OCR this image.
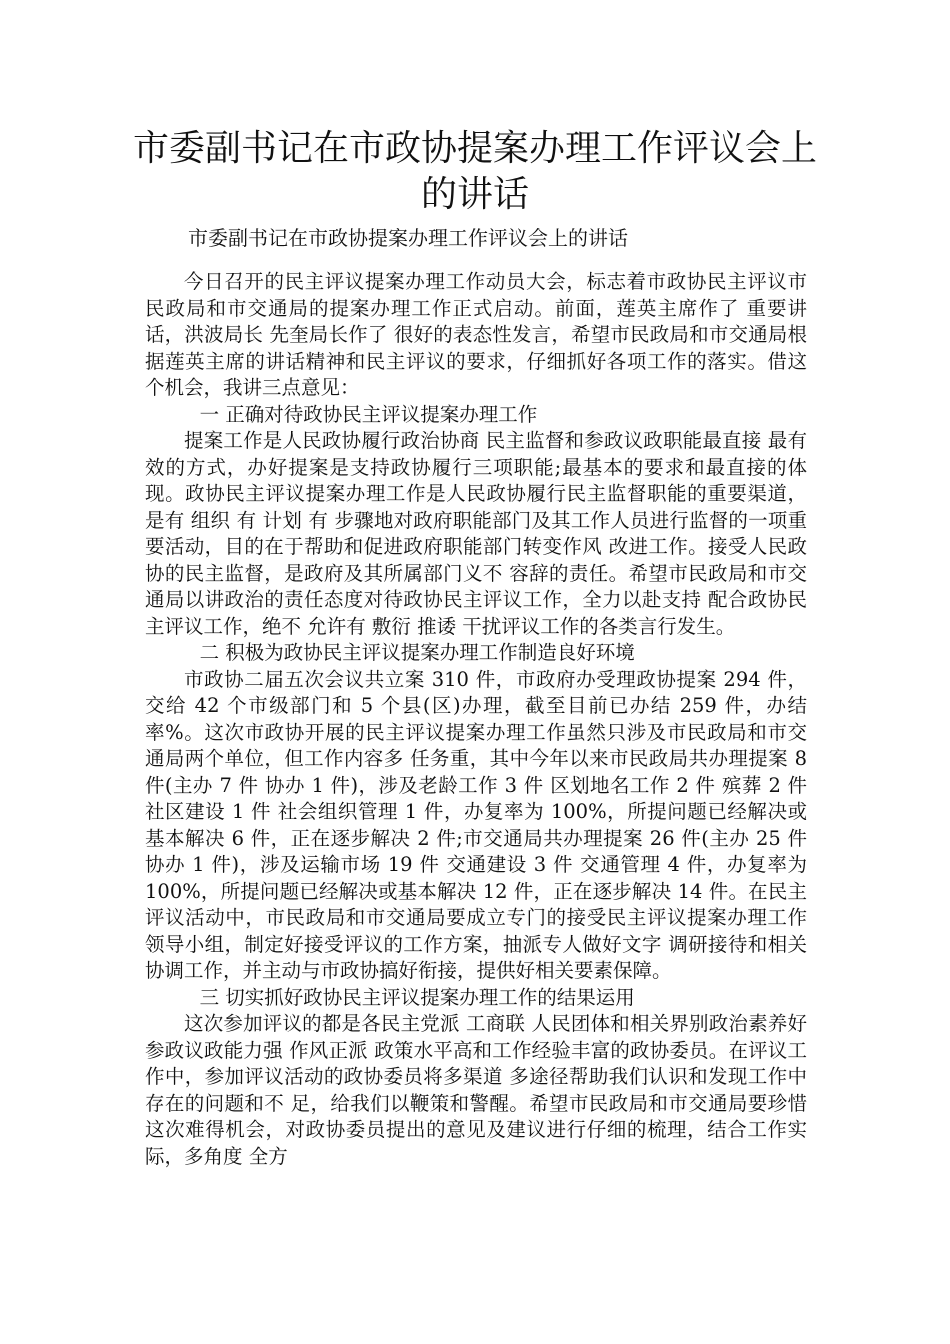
市委副书记在市政协提案办理工作评议会上的讲话

市委副书记在市政协提案办理工作评议会上的讲话

今日召开的民主评议提案办理工作动员大会，标志着市政协民主评议市民政局和市交通局的提案办理工作正式启动。前面，莲英主席作了 重要讲话，洪波局长 先奎局长作了 很好的表态性发言，希望市民政局和市交通局根据莲英主席的讲话精神和民主评议的要求，仔细抓好各项工作的落实。借这个机会，我讲三点意见：

一 正确对待政协民主评议提案办理工作

提案工作是人民政协履行政治协商 民主监督和参政议政职能最直接 最有 效的方式，办好提案是支持政协履行三项职能;最基本的要求和最直接的体现。政协民主评议提案办理工作是人民政协履行民主监督职能的重要渠道，是有 组织 有 计划 有 步骤地对政府职能部门及其工作人员进行监督的一项重要活动，目的在于帮助和促进政府职能部门转变作风 改进工作。接受人民政协的民主监督，是政府及其所属部门义不 容辞的责任。希望市民政局和市交通局以讲政治的责任态度对待政协民主评议工作，全力以赴支持 配合政协民主评议工作，绝不 允许有 敷衍 推诿 干扰评议工作的各类言行发生。

二 积极为政协民主评议提案办理工作制造良好环境

市政协二届五次会议共立案 310 件，市政府办受理政协提案 294 件，交给 42 个市级部门和 5 个县(区)办理，截至目前已办结 259 件，办结率%。这次市政协开展的民主评议提案办理工作虽然只涉及市民政局和市交通局两个单位，但工作内容多 任务重，其中今年以来市民政局共办理提案 8 件(主办 7 件 协办 1 件)，涉及老龄工作 3 件 区划地名工作 2 件 殡葬 2 件 社区建设 1 件 社会组织管理 1 件，办复率为 100%，所提问题已经解决或基本解决 6 件，正在逐步解决 2 件;市交通局共办理提案 26 件(主办 25 件 协办 1 件)，涉及运输市场 19 件 交通建设 3 件 交通管理 4 件，办复率为 100%，所提问题已经解决或基本解决 12 件，正在逐步解决 14 件。在民主评议活动中，市民政局和市交通局要成立专门的接受民主评议提案办理工作领导小组，制定好接受评议的工作方案，抽派专人做好文字 调研接待和相关协调工作，并主动与市政协搞好衔接，提供好相关要素保障。

三 切实抓好政协民主评议提案办理工作的结果运用

这次参加评议的都是各民主党派 工商联 人民团体和相关界别政治素养好 参政议政能力强 作风正派 政策水平高和工作经验丰富的政协委员。在评议工作中，参加评议活动的政协委员将多渠道 多途径帮助我们认识和发现工作中存在的问题和不 足，给我们以鞭策和警醒。希望市民政局和市交通局要珍惜这次难得机会，对政协委员提出的意见及建议进行仔细的梳理，结合工作实际，多角度 全方
